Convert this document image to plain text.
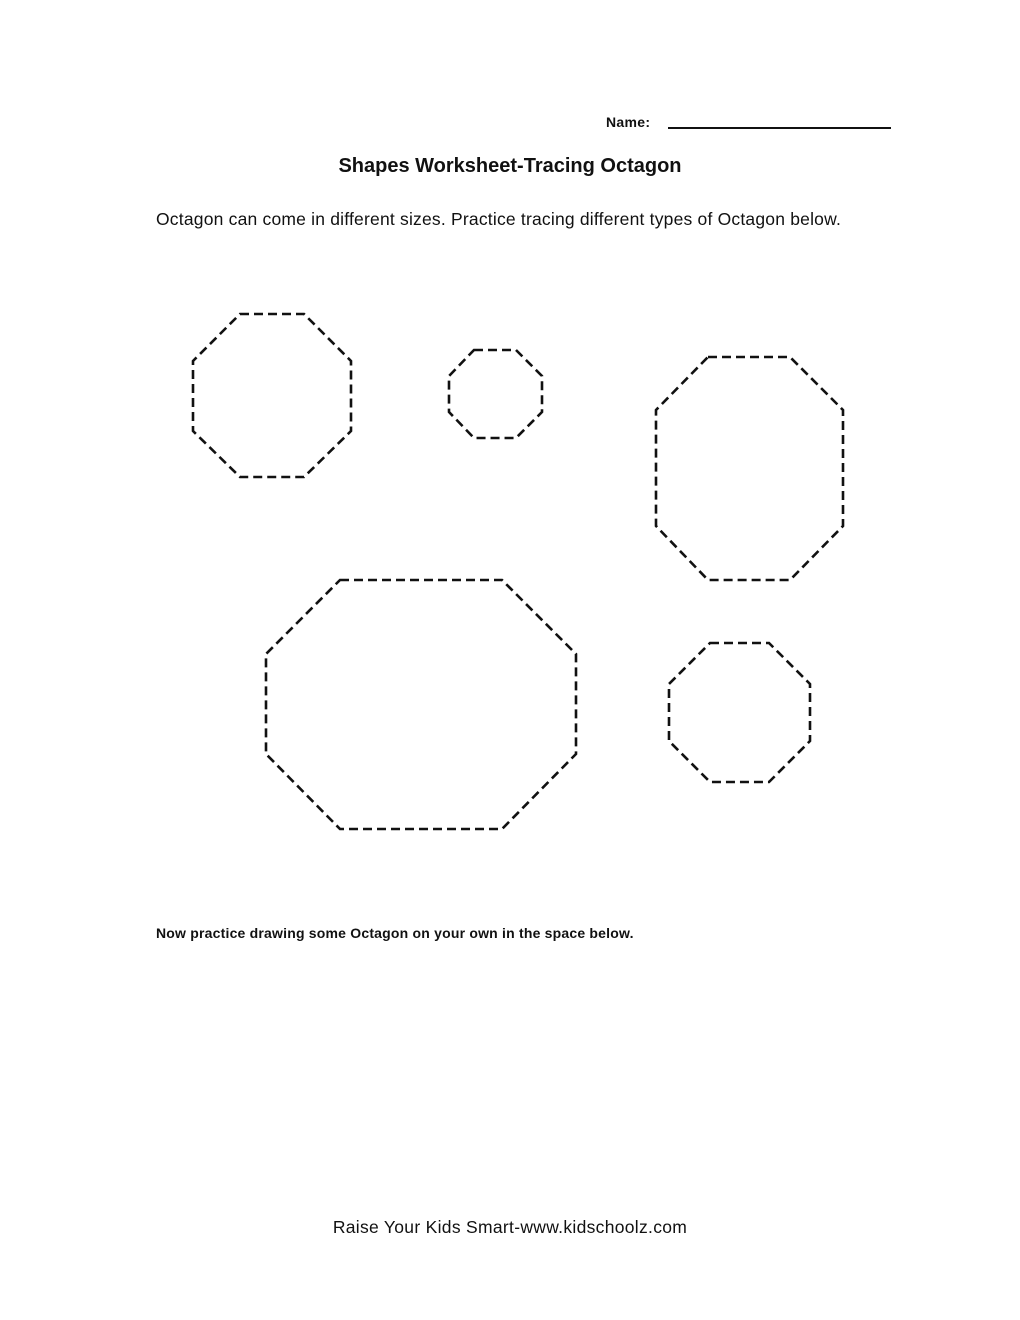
Name:
Shapes Worksheet-Tracing Octagon
Octagon can come in different sizes. Practice tracing different types of Octagon below.
Now practice drawing some Octagon on your own in the space below.
Raise Your Kids Smart-www.kidschoolz.com
